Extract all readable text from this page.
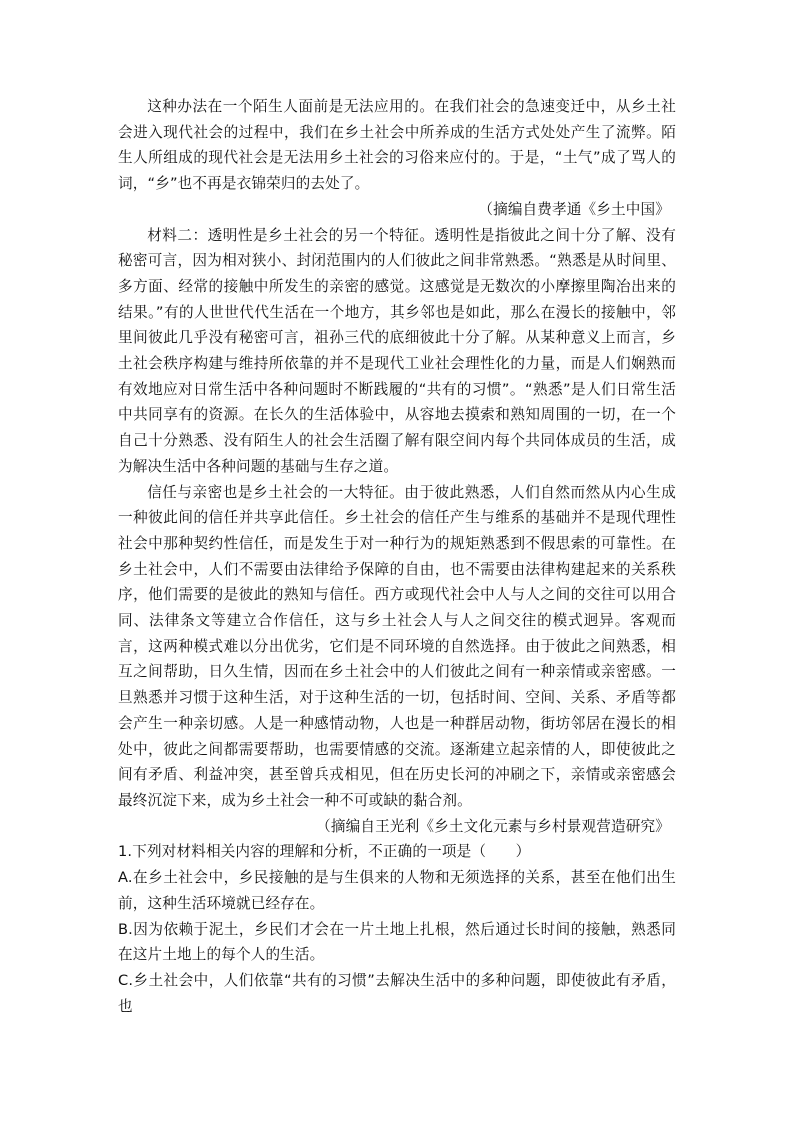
这种办法在一个陌生人面前是无法应用的。在我们社会的急速变迁中，从乡土社会进入现代社会的过程中，我们在乡土社会中所养成的生活方式处处产生了流弊。陌生人所组成的现代社会是无法用乡土社会的习俗来应付的。于是，“土气”成了骂人的词，“乡”也不再是衣锦荣归的去处了。

（摘编自费孝通《乡土中国》

材料二：透明性是乡土社会的另一个特征。透明性是指彼此之间十分了解、没有秘密可言，因为相对狭小、封闭范围内的人们彼此之间非常熟悉。“熟悉是从时间里、多方面、经常的接触中所发生的亲密的感觉。这感觉是无数次的小摩擦里陶冶出来的结果。”有的人世世代代生活在一个地方，其乡邻也是如此，那么在漫长的接触中，邻里间彼此几乎没有秘密可言，祖孙三代的底细彼此十分了解。从某种意义上而言，乡土社会秩序构建与维持所依靠的并不是现代工业社会理性化的力量，而是人们娴熟而有效地应对日常生活中各种问题时不断践履的“共有的习惯”。“熟悉”是人们日常生活中共同享有的资源。在长久的生活体验中，从容地去摸索和熟知周围的一切，在一个自己十分熟悉、没有陌生人的社会生活圈了解有限空间内每个共同体成员的生活，成为解决生活中各种问题的基础与生存之道。

信任与亲密也是乡土社会的一大特征。由于彼此熟悉，人们自然而然从内心生成一种彼此间的信任并共享此信任。乡土社会的信任产生与维系的基础并不是现代理性社会中那种契约性信任，而是发生于对一种行为的规矩熟悉到不假思索的可靠性。在乡土社会中，人们不需要由法律给予保障的自由，也不需要由法律构建起来的关系秩序，他们需要的是彼此的熟知与信任。西方或现代社会中人与人之间的交往可以用合同、法律条文等建立合作信任，这与乡土社会人与人之间交往的模式迥异。客观而言，这两种模式难以分出优劣，它们是不同环境的自然选择。由于彼此之间熟悉，相互之间帮助，日久生情，因而在乡土社会中的人们彼此之间有一种亲情或亲密感。一旦熟悉并习惯于这种生活，对于这种生活的一切，包括时间、空间、关系、矛盾等都会产生一种亲切感。人是一种感情动物，人也是一种群居动物，街坊邻居在漫长的相处中，彼此之间都需要帮助，也需要情感的交流。逐渐建立起亲情的人，即使彼此之间有矛盾、利益冲突，甚至曾兵戎相见，但在历史长河的冲刷之下，亲情或亲密感会最终沉淀下来，成为乡土社会一种不可或缺的黏合剂。

（摘编自王光利《乡土文化元素与乡村景观营造研究》

1.下列对材料相关内容的理解和分析，不正确的一项是（　　）

A.在乡土社会中，乡民接触的是与生俱来的人物和无须选择的关系，甚至在他们出生前，这种生活环境就已经存在。

B.因为依赖于泥土，乡民们才会在一片土地上扎根，然后通过长时间的接触，熟悉同在这片土地上的每个人的生活。

C.乡土社会中，人们依靠“共有的习惯”去解决生活中的多种问题，即使彼此有矛盾，也
